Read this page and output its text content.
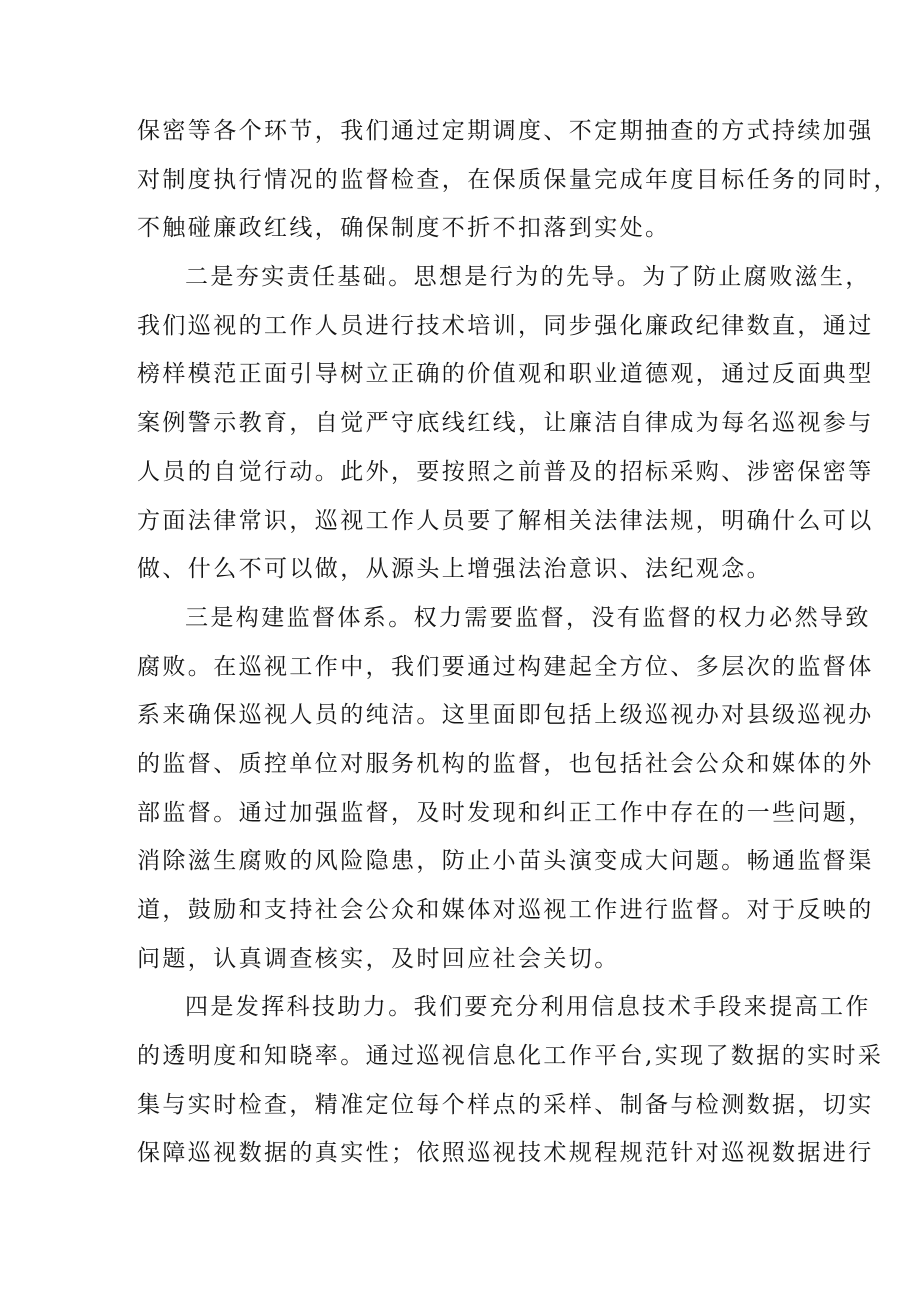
保密等各个环节，我们通过定期调度、不定期抽查的方式持续加强
对制度执行情况的监督检查，在保质保量完成年度目标任务的同时，
不触碰廉政红线，确保制度不折不扣落到实处。
二是夯实责任基础。思想是行为的先导。为了防止腐败滋生，
我们巡视的工作人员进行技术培训，同步强化廉政纪律数直，通过
榜样模范正面引导树立正确的价值观和职业道德观，通过反面典型
案例警示教育，自觉严守底线红线，让廉洁自律成为每名巡视参与
人员的自觉行动。此外，要按照之前普及的招标采购、涉密保密等
方面法律常识，巡视工作人员要了解相关法律法规，明确什么可以
做、什么不可以做，从源头上增强法治意识、法纪观念。
三是构建监督体系。权力需要监督，没有监督的权力必然导致
腐败。在巡视工作中，我们要通过构建起全方位、多层次的监督体
系来确保巡视人员的纯洁。这里面即包括上级巡视办对县级巡视办
的监督、质控单位对服务机构的监督，也包括社会公众和媒体的外
部监督。通过加强监督，及时发现和纠正工作中存在的一些问题，
消除滋生腐败的风险隐患，防止小苗头演变成大问题。畅通监督渠
道，鼓励和支持社会公众和媒体对巡视工作进行监督。对于反映的
问题，认真调查核实，及时回应社会关切。
四是发挥科技助力。我们要充分利用信息技术手段来提高工作
的透明度和知晓率。通过巡视信息化工作平台,实现了数据的实时采
集与实时检查，精准定位每个样点的采样、制备与检测数据，切实
保障巡视数据的真实性；依照巡视技术规程规范针对巡视数据进行
